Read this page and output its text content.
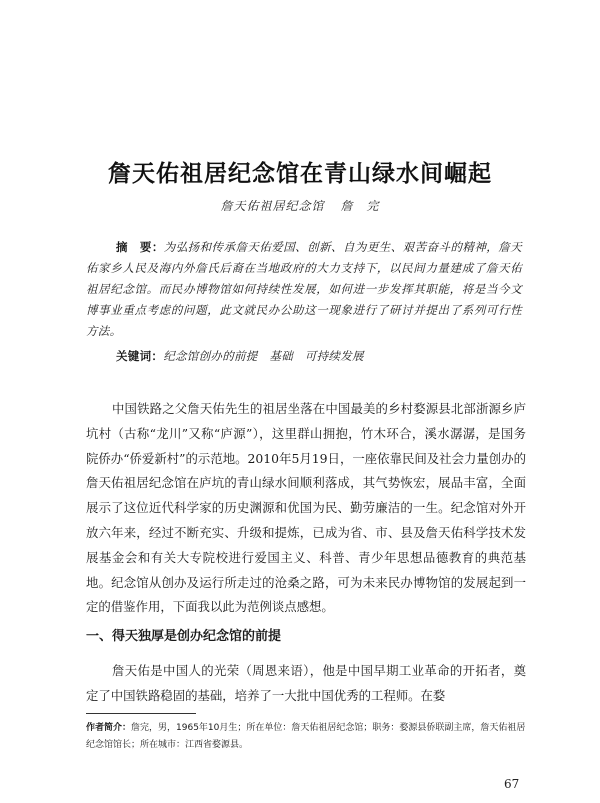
詹天佑祖居纪念馆在青山绿水间崛起
詹天佑祖居纪念馆 詹　完

摘　要：为弘扬和传承詹天佑爱国、创新、自为更生、艰苦奋斗的精神，詹天佑家乡人民及海内外詹氏后裔在当地政府的大力支持下，以民间力量建成了詹天佑祖居纪念馆。而民办博物馆如何持续性发展，如何进一步发挥其职能，将是当今文博事业重点考虑的问题，此文就民办公助这一现象进行了研讨并提出了系列可行性方法。

关键词：纪念馆创办的前提　基础　可持续发展

中国铁路之父詹天佑先生的祖居坐落在中国最美的乡村婺源县北部浙源乡庐坑村（古称“龙川”又称“庐源”），这里群山拥抱，竹木环合，溪水潺潺，是国务院侨办“侨爱新村”的示范地。2010年5月19日，一座依靠民间及社会力量创办的詹天佑祖居纪念馆在庐坑的青山绿水间顺利落成，其气势恢宏，展品丰富，全面展示了这位近代科学家的历史渊源和优国为民、勤劳廉洁的一生。纪念馆对外开放六年来，经过不断充实、升级和提炼，已成为省、市、县及詹天佑科学技术发展基金会和有关大专院校进行爱国主义、科普、青少年思想品德教育的典范基地。纪念馆从创办及运行所走过的沧桑之路，可为未来民办博物馆的发展起到一定的借鉴作用，下面我以此为范例谈点感想。

一、得天独厚是创办纪念馆的前提

詹天佑是中国人的光荣（周恩来语），他是中国早期工业革命的开拓者，奠定了中国铁路稳固的基础，培养了一大批中国优秀的工程师。在婺

作者简介：詹完，男，1965年10月生；所在单位：詹天佑祖居纪念馆；职务：婺源县侨联副主席，詹天佑祖居纪念馆馆长；所在城市：江西省婺源县。

67
